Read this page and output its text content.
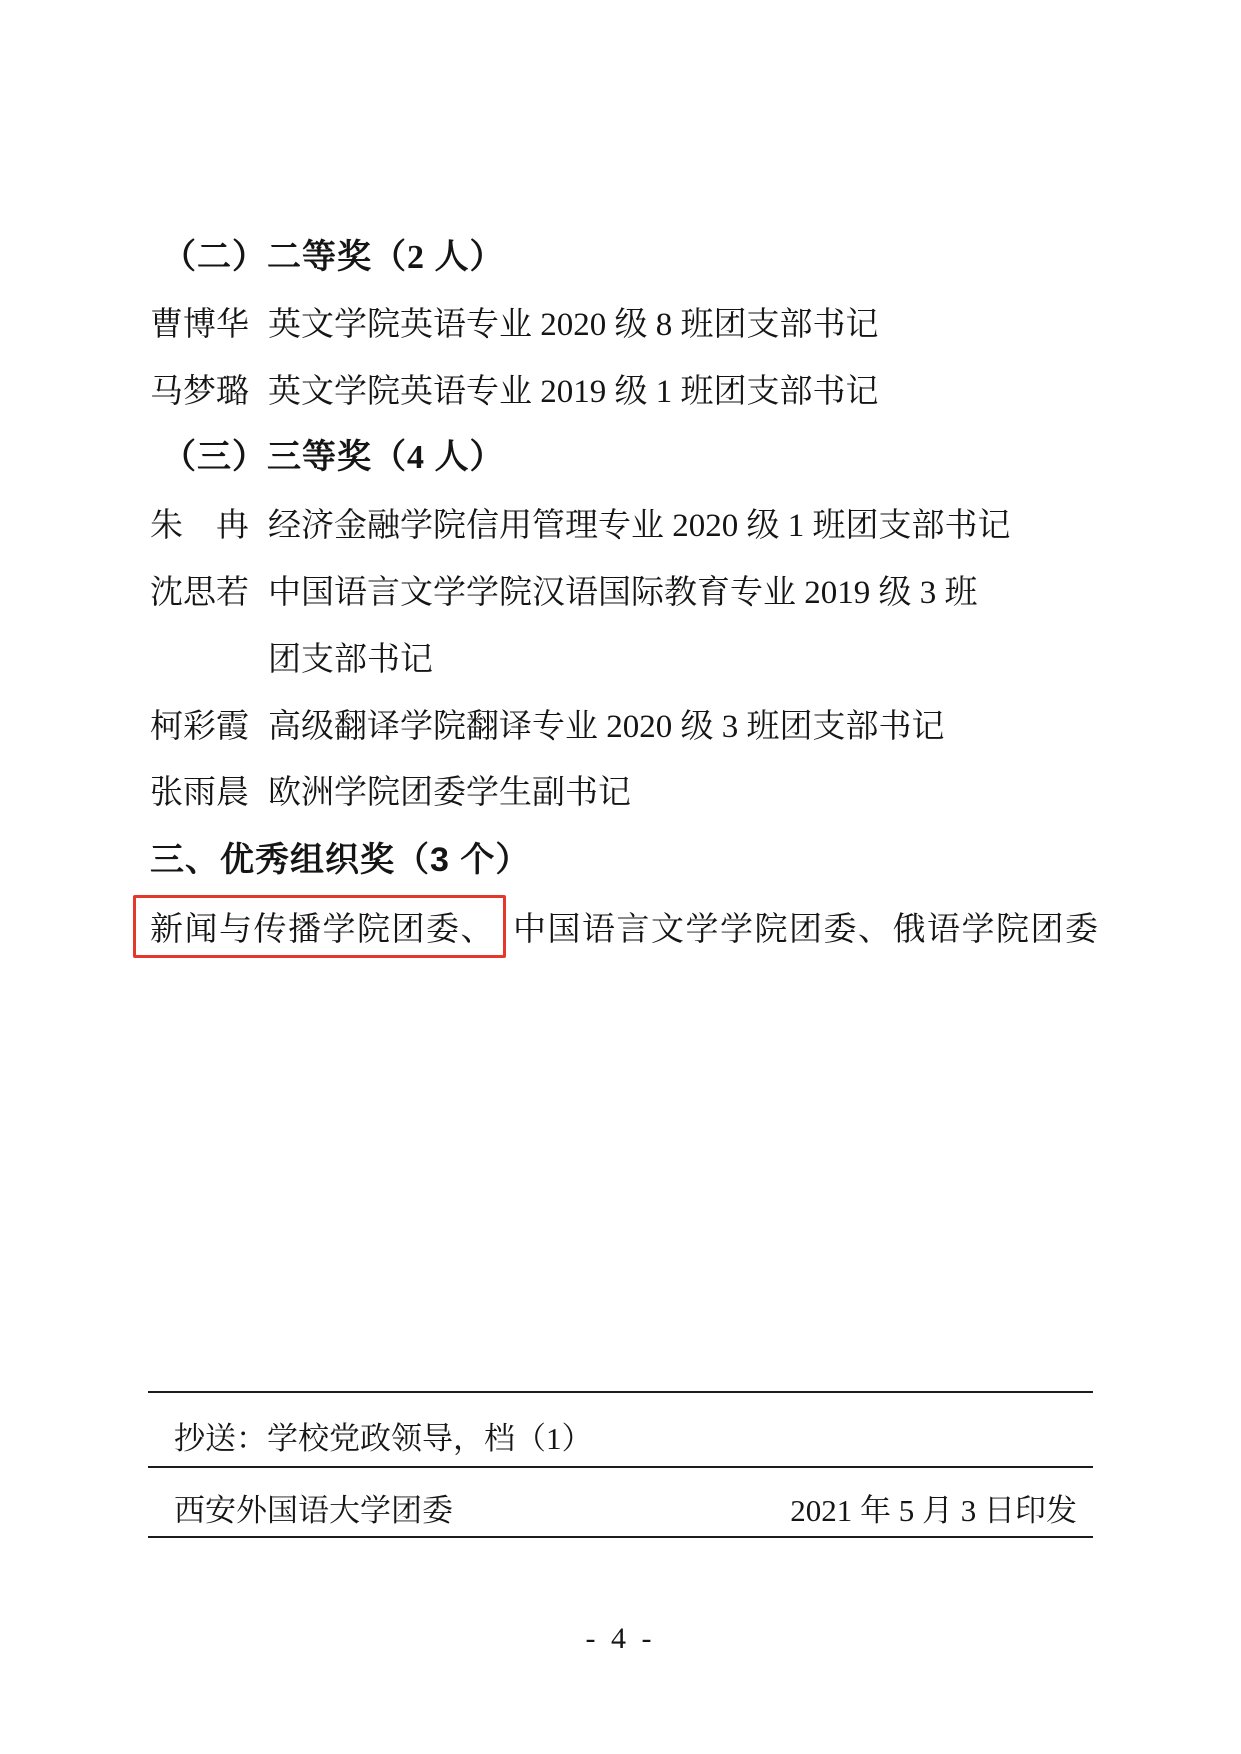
（二）二等奖（2 人）
曹博华 英文学院英语专业 2020 级 8 班团支部书记
马梦璐 英文学院英语专业 2019 级 1 班团支部书记
（三）三等奖（4 人）
朱　冉 经济金融学院信用管理专业 2020 级 1 班团支部书记
沈思若 中国语言文学学院汉语国际教育专业 2019 级 3 班
团支部书记
柯彩霞 高级翻译学院翻译专业 2020 级 3 班团支部书记
张雨晨 欧洲学院团委学生副书记
三、优秀组织奖（3 个）
新闻与传播学院团委、 中国语言文学学院团委、俄语学院团委
抄送：学校党政领导，档（1）
西安外国语大学团委	2021 年 5 月 3 日印发
- 4 -
